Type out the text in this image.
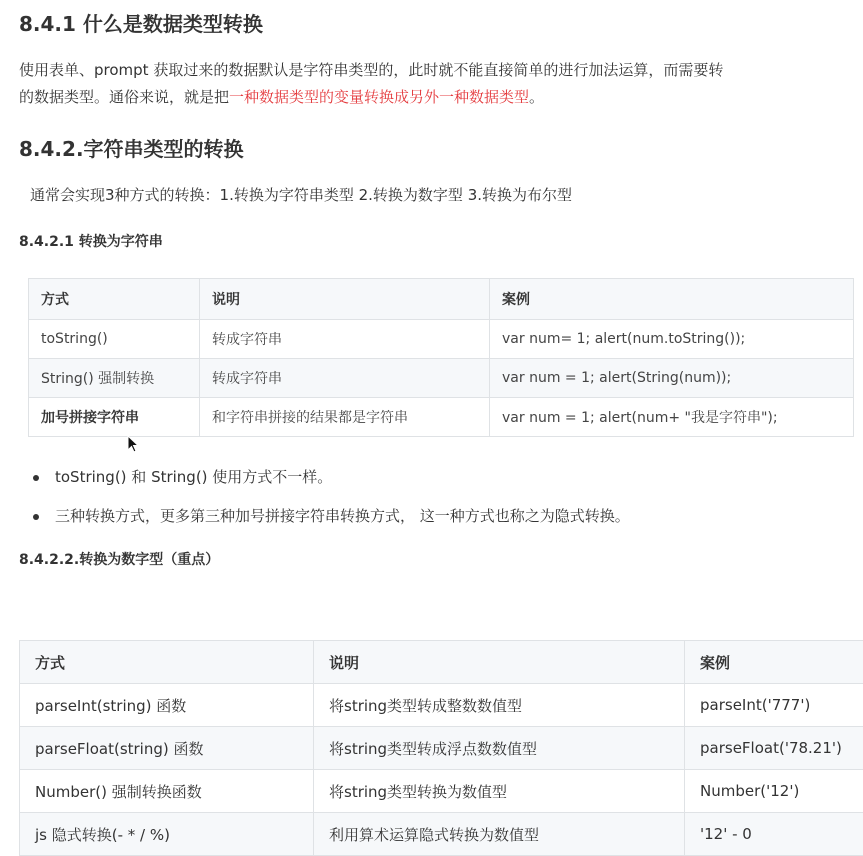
8.4.1 什么是数据类型转换
使用表单、prompt 获取过来的数据默认是字符串类型的，此时就不能直接简单的进行加法运算，而需要转
的数据类型。通俗来说，就是把一种数据类型的变量转换成另外一种数据类型。
8.4.2.字符串类型的转换
通常会实现3种方式的转换：1.转换为字符串类型 2.转换为数字型 3.转换为布尔型
8.4.2.1 转换为字符串
方式	说明	案例
toString()	转成字符串	var num= 1; alert(num.toString());
String() 强制转换	转成字符串	var num = 1; alert(String(num));
加号拼接字符串	和字符串拼接的结果都是字符串	var num = 1; alert(num+ "我是字符串");
toString() 和 String() 使用方式不一样。
三种转换方式，更多第三种加号拼接字符串转换方式， 这一种方式也称之为隐式转换。
8.4.2.2.转换为数字型（重点）
方式	说明	案例
parseInt(string) 函数	将string类型转成整数数值型	parseInt('777')
parseFloat(string) 函数	将string类型转成浮点数数值型	parseFloat('78.21')
Number() 强制转换函数	将string类型转换为数值型	Number('12')
js 隐式转换(- * / %)	利用算术运算隐式转换为数值型	'12' - 0
